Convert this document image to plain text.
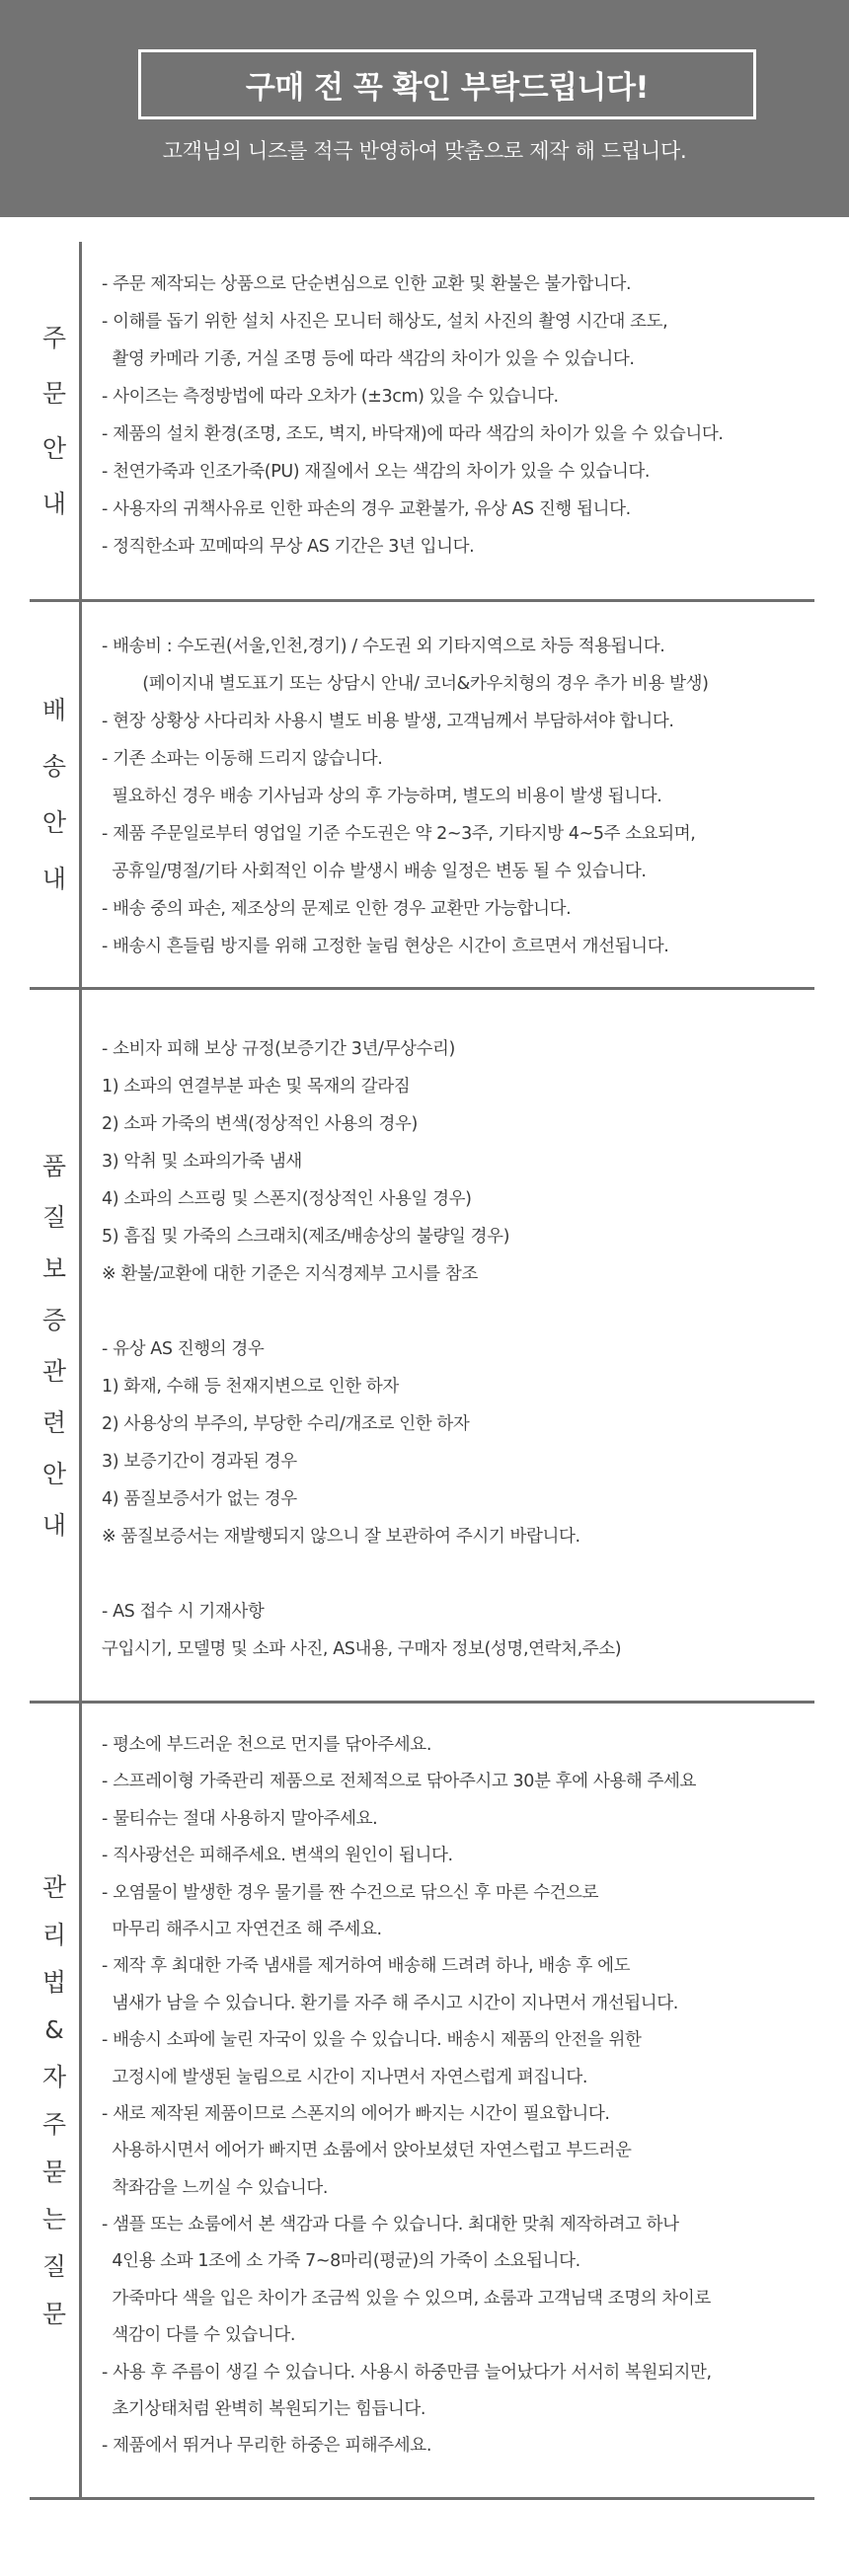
구매 전 꼭 확인 부탁드립니다!
고객님의 니즈를 적극 반영하여 맞춤으로 제작 해 드립니다.
주
문
안
내
- 주문 제작되는 상품으로 단순변심으로 인한 교환 및 환불은 불가합니다.
- 이해를 돕기 위한 설치 사진은 모니터 해상도, 설치 사진의 촬영 시간대 조도,
촬영 카메라 기종, 거실 조명 등에 따라 색감의 차이가 있을 수 있습니다.
- 사이즈는 측정방법에 따라 오차가 (±3cm) 있을 수 있습니다.
- 제품의 설치 환경(조명, 조도, 벽지, 바닥재)에 따라 색감의 차이가 있을 수 있습니다.
- 천연가죽과 인조가죽(PU) 재질에서 오는 색감의 차이가 있을 수 있습니다.
- 사용자의 귀책사유로 인한 파손의 경우 교환불가, 유상 AS 진행 됩니다.
- 정직한소파 꼬메따의 무상 AS 기간은 3년 입니다.
배
송
안
내
- 배송비 : 수도권(서울,인천,경기) / 수도권 외 기타지역으로 차등 적용됩니다.
(페이지내 별도표기 또는 상담시 안내/ 코너&카우치형의 경우 추가 비용 발생)
- 현장 상황상 사다리차 사용시 별도 비용 발생, 고객님께서 부담하셔야 합니다.
- 기존 소파는 이동해 드리지 않습니다.
필요하신 경우 배송 기사님과 상의 후 가능하며, 별도의 비용이 발생 됩니다.
- 제품 주문일로부터 영업일 기준 수도권은 약 2~3주, 기타지방 4~5주 소요되며,
공휴일/명절/기타 사회적인 이슈 발생시 배송 일정은 변동 될 수 있습니다.
- 배송 중의 파손, 제조상의 문제로 인한 경우 교환만 가능합니다.
- 배송시 흔들림 방지를 위해 고정한 눌림 현상은 시간이 흐르면서 개선됩니다.
품
질
보
증
관
련
안
내
- 소비자 피해 보상 규정(보증기간 3년/무상수리)
1) 소파의 연결부분 파손 및 목재의 갈라짐
2) 소파 가죽의 변색(정상적인 사용의 경우)
3) 악취 및 소파의가죽 냄새
4) 소파의 스프링 및 스폰지(정상적인 사용일 경우)
5) 흠집 및 가죽의 스크래치(제조/배송상의 불량일 경우)
※ 환불/교환에 대한 기준은 지식경제부 고시를 참조
- 유상 AS 진행의 경우
1) 화재, 수해 등 천재지변으로 인한 하자
2) 사용상의 부주의, 부당한 수리/개조로 인한 하자
3) 보증기간이 경과된 경우
4) 품질보증서가 없는 경우
※ 품질보증서는 재발행되지 않으니 잘 보관하여 주시기 바랍니다.
- AS 접수 시 기재사항
구입시기, 모델명 및 소파 사진, AS내용, 구매자 정보(성명,연락처,주소)
관
리
법
&
자
주
묻
는
질
문
- 평소에 부드러운 천으로 먼지를 닦아주세요.
- 스프레이형 가죽관리 제품으로 전체적으로 닦아주시고 30분 후에 사용해 주세요
- 물티슈는 절대 사용하지 말아주세요.
- 직사광선은 피해주세요. 변색의 원인이 됩니다.
- 오염물이 발생한 경우 물기를 짠 수건으로 닦으신 후 마른 수건으로
마무리 해주시고 자연건조 해 주세요.
- 제작 후 최대한 가죽 냄새를 제거하여 배송해 드려려 하나, 배송 후 에도
냄새가 남을 수 있습니다. 환기를 자주 해 주시고 시간이 지나면서 개선됩니다.
- 배송시 소파에 눌린 자국이 있을 수 있습니다. 배송시 제품의 안전을 위한
고정시에 발생된 눌림으로 시간이 지나면서 자연스럽게 펴집니다.
- 새로 제작된 제품이므로 스폰지의 에어가 빠지는 시간이 필요합니다.
사용하시면서 에어가 빠지면 쇼룸에서 앉아보셨던 자연스럽고 부드러운
착좌감을 느끼실 수 있습니다.
- 샘플 또는 쇼룸에서 본 색감과 다를 수 있습니다. 최대한 맞춰 제작하려고 하나
4인용 소파 1조에 소 가죽 7~8마리(평균)의 가죽이 소요됩니다.
가죽마다 색을 입은 차이가 조금씩 있을 수 있으며, 쇼룸과 고객님댁 조명의 차이로
색감이 다를 수 있습니다.
- 사용 후 주름이 생길 수 있습니다. 사용시 하중만큼 늘어났다가 서서히 복원되지만,
초기상태처럼 완벽히 복원되기는 힘듭니다.
- 제품에서 뛰거나 무리한 하중은 피해주세요.
